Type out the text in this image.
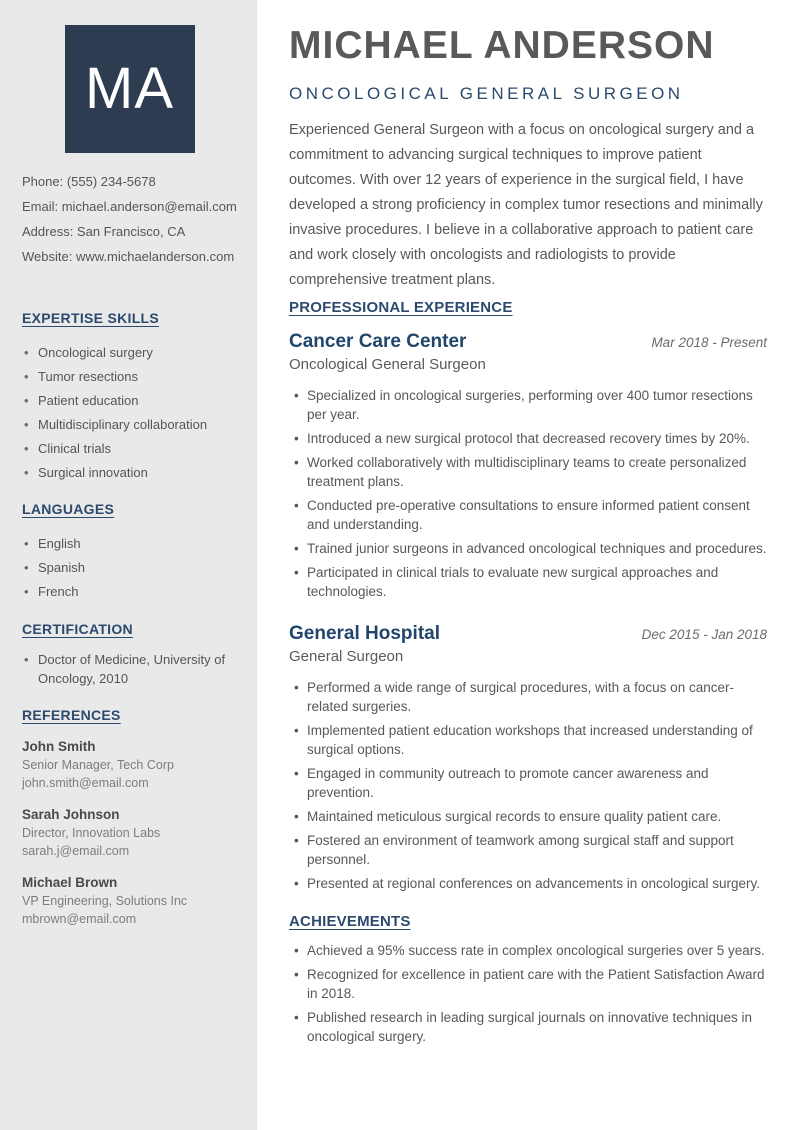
MA
Phone: (555) 234-5678
Email: michael.anderson@email.com
Address: San Francisco, CA
Website: www.michaelanderson.com
EXPERTISE SKILLS
• Oncological surgery
• Tumor resections
• Patient education
• Multidisciplinary collaboration
• Clinical trials
• Surgical innovation
LANGUAGES
• English
• Spanish
• French
CERTIFICATION
• Doctor of Medicine, University of Oncology, 2010
REFERENCES
John Smith
Senior Manager, Tech Corp
john.smith@email.com
Sarah Johnson
Director, Innovation Labs
sarah.j@email.com
Michael Brown
VP Engineering, Solutions Inc
mbrown@email.com
MICHAEL ANDERSON
ONCOLOGICAL GENERAL SURGEON

Experienced General Surgeon with a focus on oncological surgery and a commitment to advancing surgical techniques to improve patient outcomes. With over 12 years of experience in the surgical field, I have developed a strong proficiency in complex tumor resections and minimally invasive procedures. I believe in a collaborative approach to patient care and work closely with oncologists and radiologists to provide comprehensive treatment plans.

PROFESSIONAL EXPERIENCE
Cancer Care Center	Mar 2018 - Present
Oncological General Surgeon
• Specialized in oncological surgeries, performing over 400 tumor resections per year.
• Introduced a new surgical protocol that decreased recovery times by 20%.
• Worked collaboratively with multidisciplinary teams to create personalized treatment plans.
• Conducted pre-operative consultations to ensure informed patient consent and understanding.
• Trained junior surgeons in advanced oncological techniques and procedures.
• Participated in clinical trials to evaluate new surgical approaches and technologies.
General Hospital	Dec 2015 - Jan 2018
General Surgeon
• Performed a wide range of surgical procedures, with a focus on cancer-related surgeries.
• Implemented patient education workshops that increased understanding of surgical options.
• Engaged in community outreach to promote cancer awareness and prevention.
• Maintained meticulous surgical records to ensure quality patient care.
• Fostered an environment of teamwork among surgical staff and support personnel.
• Presented at regional conferences on advancements in oncological surgery.
ACHIEVEMENTS
• Achieved a 95% success rate in complex oncological surgeries over 5 years.
• Recognized for excellence in patient care with the Patient Satisfaction Award in 2018.
• Published research in leading surgical journals on innovative techniques in oncological surgery.
